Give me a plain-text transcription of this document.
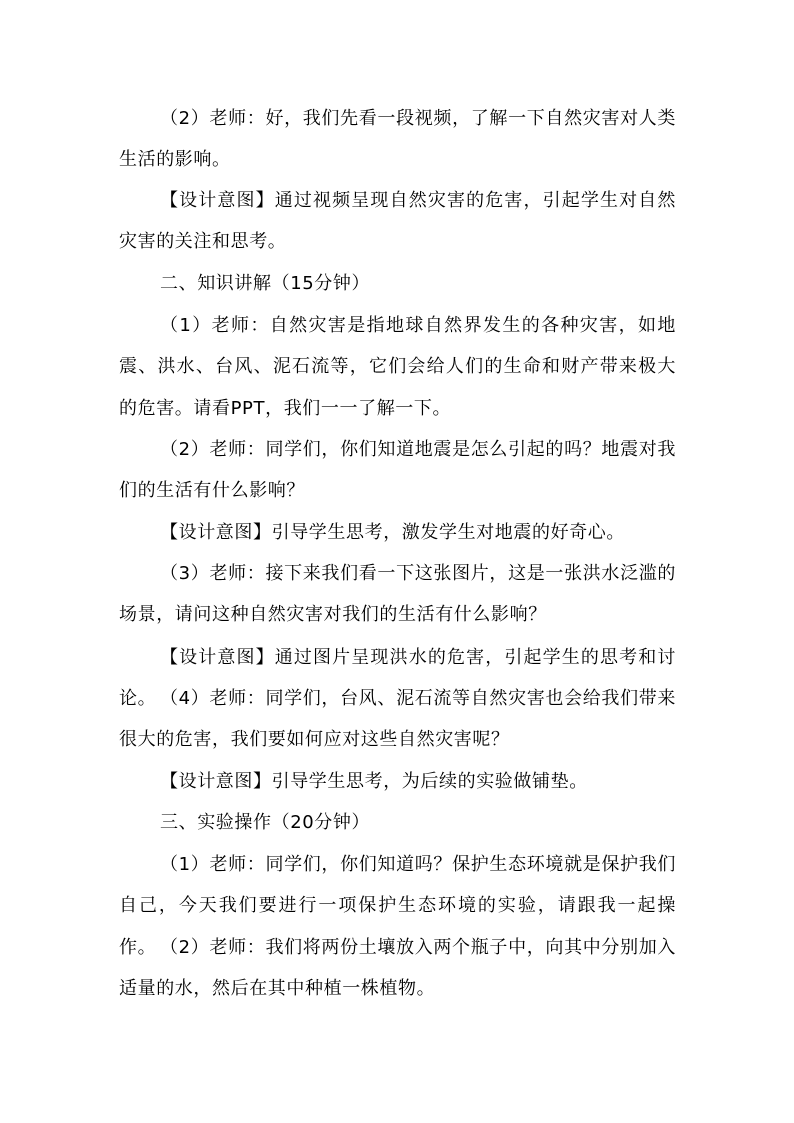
（2）老师：好，我们先看一段视频，了解一下自然灾害对人类生活的影响。

【设计意图】通过视频呈现自然灾害的危害，引起学生对自然灾害的关注和思考。

二、知识讲解（15分钟）

（1）老师：自然灾害是指地球自然界发生的各种灾害，如地震、洪水、台风、泥石流等，它们会给人们的生命和财产带来极大的危害。请看PPT，我们一一了解一下。

（2）老师：同学们，你们知道地震是怎么引起的吗？地震对我们的生活有什么影响？

【设计意图】引导学生思考，激发学生对地震的好奇心。

（3）老师：接下来我们看一下这张图片，这是一张洪水泛滥的场景，请问这种自然灾害对我们的生活有什么影响？

【设计意图】通过图片呈现洪水的危害，引起学生的思考和讨论。 （4）老师：同学们，台风、泥石流等自然灾害也会给我们带来很大的危害，我们要如何应对这些自然灾害呢？

【设计意图】引导学生思考，为后续的实验做铺垫。

三、实验操作（20分钟）

（1）老师：同学们，你们知道吗？保护生态环境就是保护我们自己，今天我们要进行一项保护生态环境的实验，请跟我一起操作。 （2）老师：我们将两份土壤放入两个瓶子中，向其中分别加入适量的水，然后在其中种植一株植物。
